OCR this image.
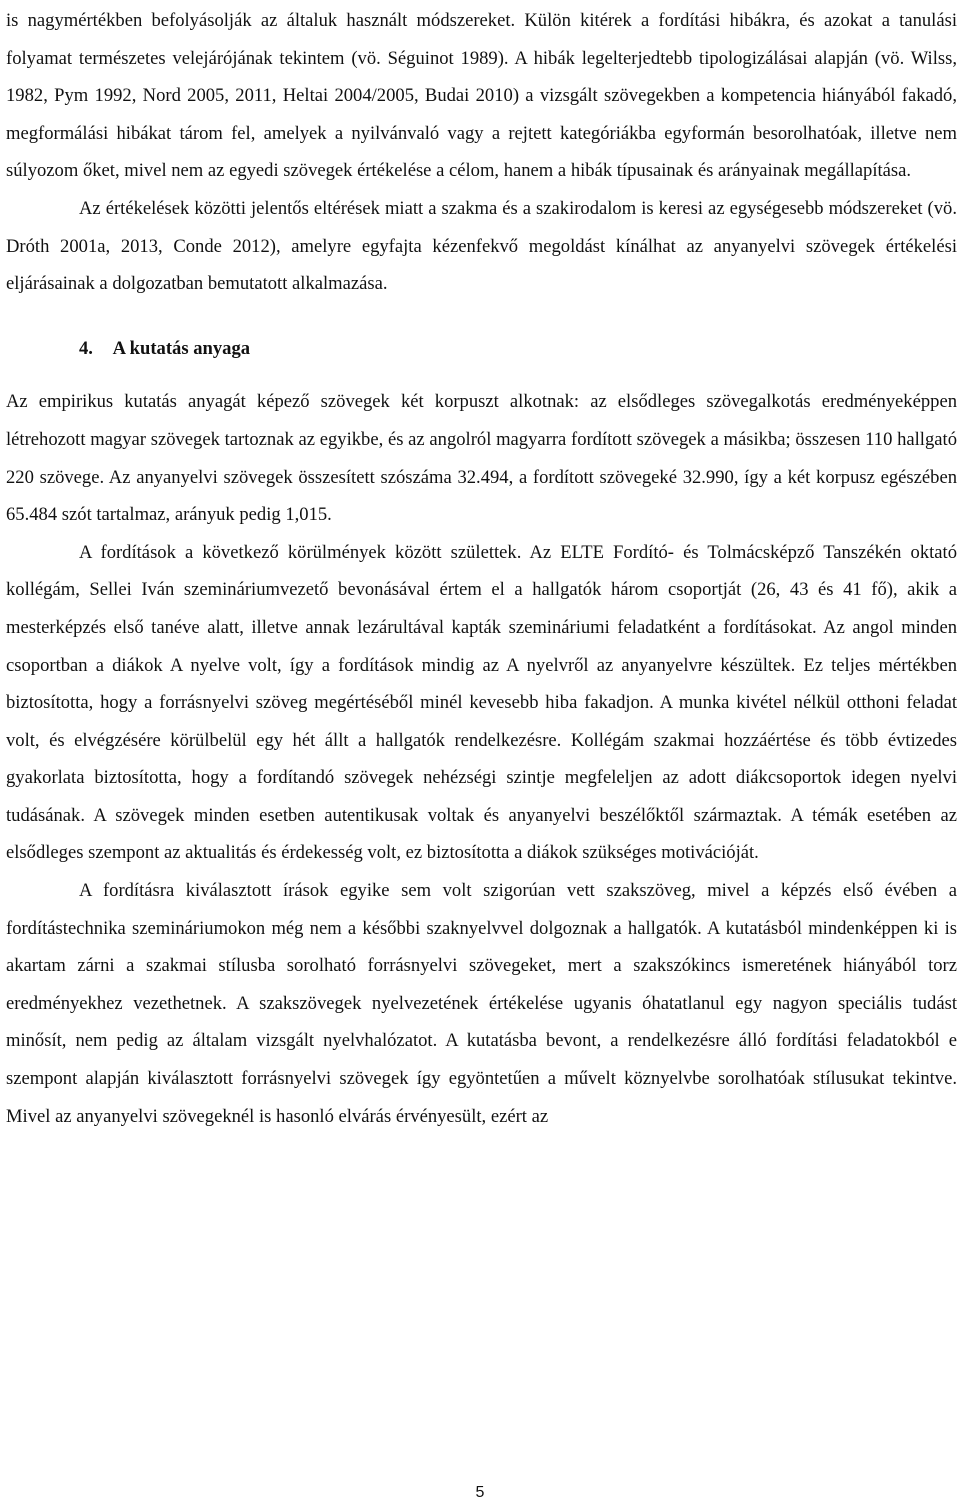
is nagymértékben befolyásolják az általuk használt módszereket. Külön kitérek a fordítási hibákra, és azokat a tanulási folyamat természetes velejárójának tekintem (vö. Séguinot 1989). A hibák legelterjedtebb tipologizálásai alapján (vö. Wilss, 1982, Pym 1992, Nord 2005, 2011, Heltai 2004/2005, Budai 2010) a vizsgált szövegekben a kompetencia hiányából fakadó, megformálási hibákat tárom fel, amelyek a nyilvánvaló vagy a rejtett kategóriákba egyformán besorolhatóak, illetve nem súlyozom őket, mivel nem az egyedi szövegek értékelése a célom, hanem a hibák típusainak és arányainak megállapítása.

Az értékelések közötti jelentős eltérések miatt a szakma és a szakirodalom is keresi az egységesebb módszereket (vö. Dróth 2001a, 2013, Conde 2012), amelyre egyfajta kézenfekvő megoldást kínálhat az anyanyelvi szövegek értékelési eljárásainak a dolgozatban bemutatott alkalmazása.

4. A kutatás anyaga

Az empirikus kutatás anyagát képező szövegek két korpuszt alkotnak: az elsődleges szövegalkotás eredményeképpen létrehozott magyar szövegek tartoznak az egyikbe, és az angolról magyarra fordított szövegek a másikba; összesen 110 hallgató 220 szövege. Az anyanyelvi szövegek összesített szószáma 32.494, a fordított szövegeké 32.990, így a két korpusz egészében 65.484 szót tartalmaz, arányuk pedig 1,015.

A fordítások a következő körülmények között születtek. Az ELTE Fordító- és Tolmácsképző Tanszékén oktató kollégám, Sellei Iván szemináriumvezető bevonásával értem el a hallgatók három csoportját (26, 43 és 41 fő), akik a mesterképzés első tanéve alatt, illetve annak lezárultával kapták szemináriumi feladatként a fordításokat. Az angol minden csoportban a diákok A nyelve volt, így a fordítások mindig az A nyelvről az anyanyelvre készültek. Ez teljes mértékben biztosította, hogy a forrásnyelvi szöveg megértéséből minél kevesebb hiba fakadjon. A munka kivétel nélkül otthoni feladat volt, és elvégzésére körülbelül egy hét állt a hallgatók rendelkezésre. Kollégám szakmai hozzáértése és több évtizedes gyakorlata biztosította, hogy a fordítandó szövegek nehézségi szintje megfeleljen az adott diákcsoportok idegen nyelvi tudásának. A szövegek minden esetben autentikusak voltak és anyanyelvi beszélőktől származtak. A témák esetében az elsődleges szempont az aktualitás és érdekesség volt, ez biztosította a diákok szükséges motivációját.

A fordításra kiválasztott írások egyike sem volt szigorúan vett szakszöveg, mivel a képzés első évében a fordítástechnika szemináriumokon még nem a későbbi szaknyelvvel dolgoznak a hallgatók. A kutatásból mindenképpen ki is akartam zárni a szakmai stílusba sorolható forrásnyelvi szövegeket, mert a szakszókincs ismeretének hiányából torz eredményekhez vezethetnek. A szakszövegek nyelvezetének értékelése ugyanis óhatatlanul egy nagyon speciális tudást minősít, nem pedig az általam vizsgált nyelvhalózatot. A kutatásba bevont, a rendelkezésre álló fordítási feladatokból e szempont alapján kiválasztott forrásnyelvi szövegek így egyöntetűen a művelt köznyelvbe sorolhatóak stílusukat tekintve. Mivel az anyanyelvi szövegeknél is hasonló elvárás érvényesült, ezért az

5
